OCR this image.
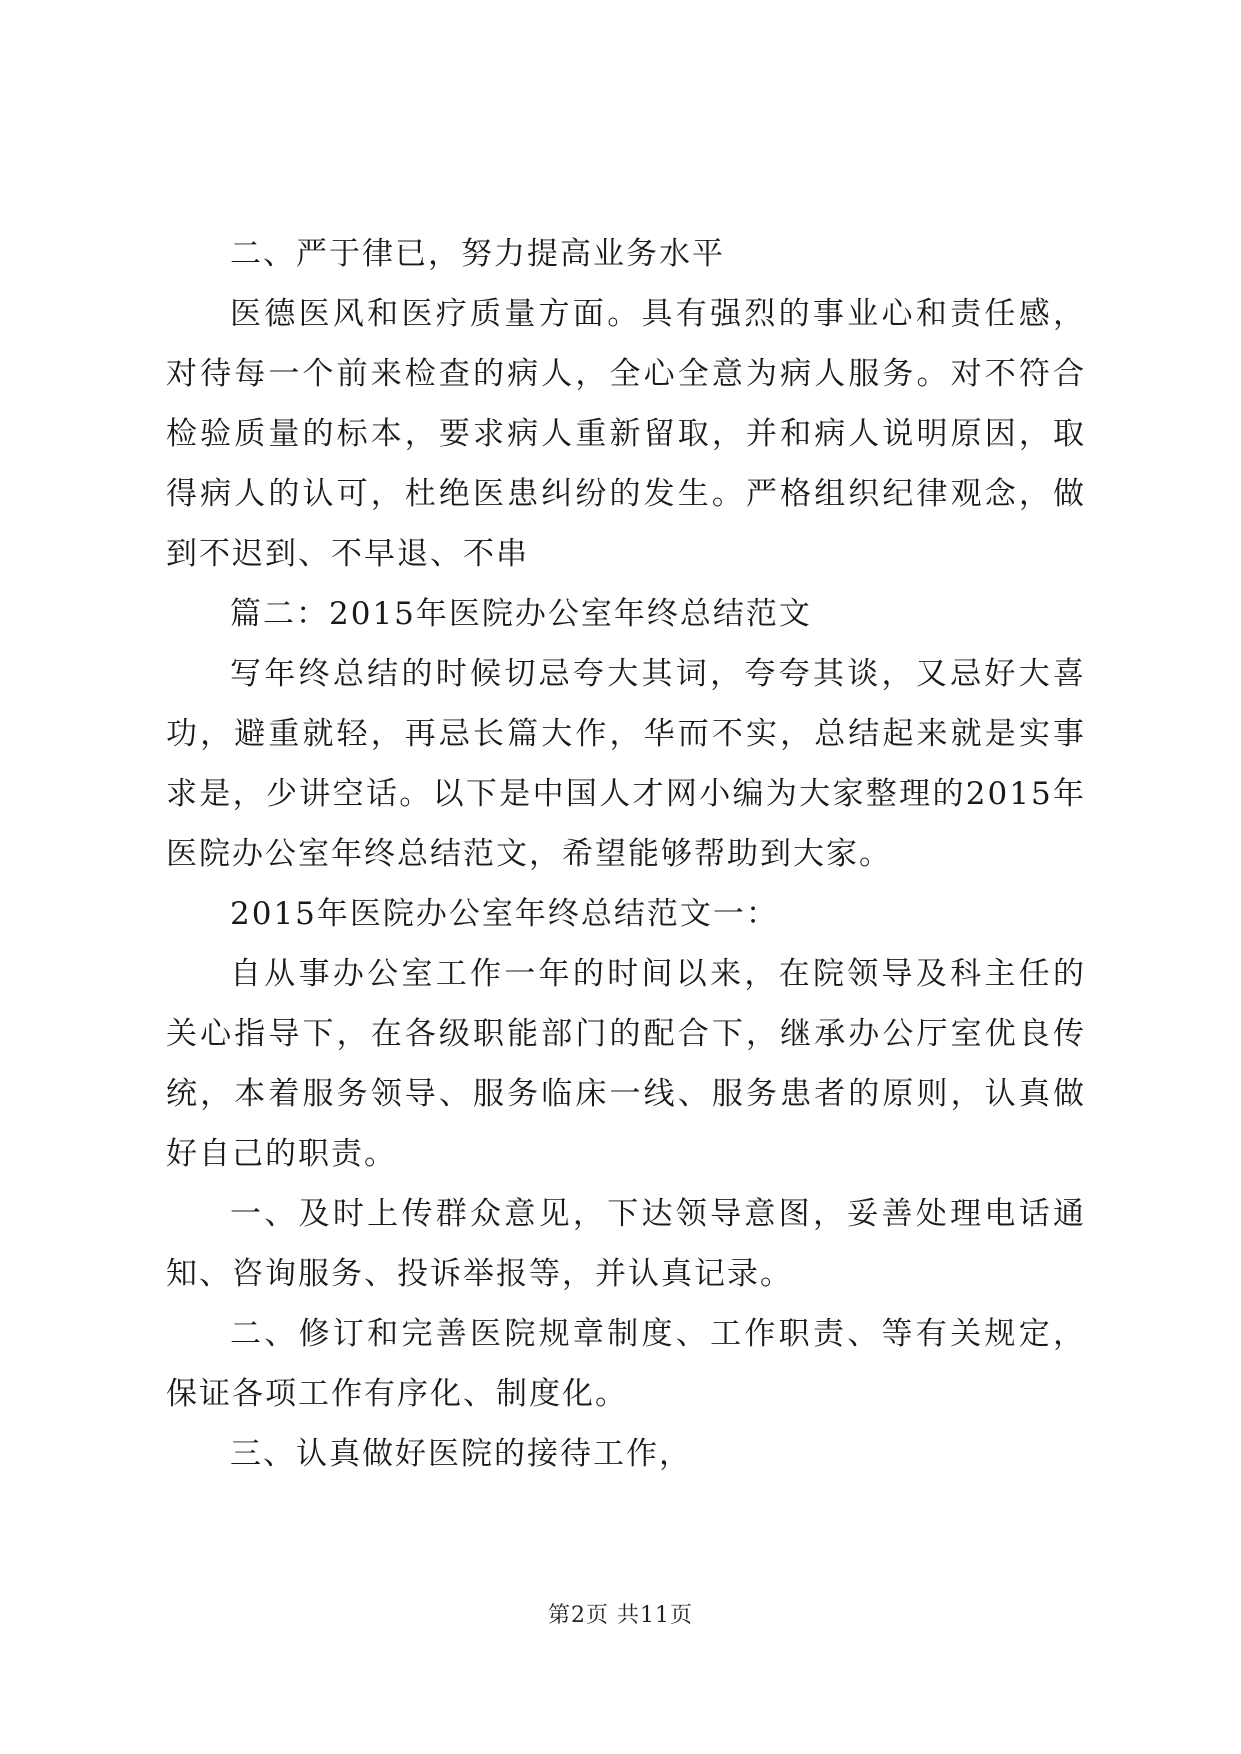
二、严于律已，努力提高业务水平

医德医风和医疗质量方面。具有强烈的事业心和责任感，对待每一个前来检查的病人，全心全意为病人服务。对不符合检验质量的标本，要求病人重新留取，并和病人说明原因，取得病人的认可，杜绝医患纠纷的发生。严格组织纪律观念，做到不迟到、不早退、不串

篇二：2015年医院办公室年终总结范文

写年终总结的时候切忌夸大其词，夸夸其谈，又忌好大喜功，避重就轻，再忌长篇大作，华而不实，总结起来就是实事求是，少讲空话。以下是中国人才网小编为大家整理的2015年医院办公室年终总结范文，希望能够帮助到大家。

2015年医院办公室年终总结范文一：

自从事办公室工作一年的时间以来，在院领导及科主任的关心指导下，在各级职能部门的配合下，继承办公厅室优良传统，本着服务领导、服务临床一线、服务患者的原则，认真做好自己的职责。

一、及时上传群众意见，下达领导意图，妥善处理电话通知、咨询服务、投诉举报等，并认真记录。

二、修订和完善医院规章制度、工作职责、等有关规定，保证各项工作有序化、制度化。

三、认真做好医院的接待工作，

第2页 共11页
